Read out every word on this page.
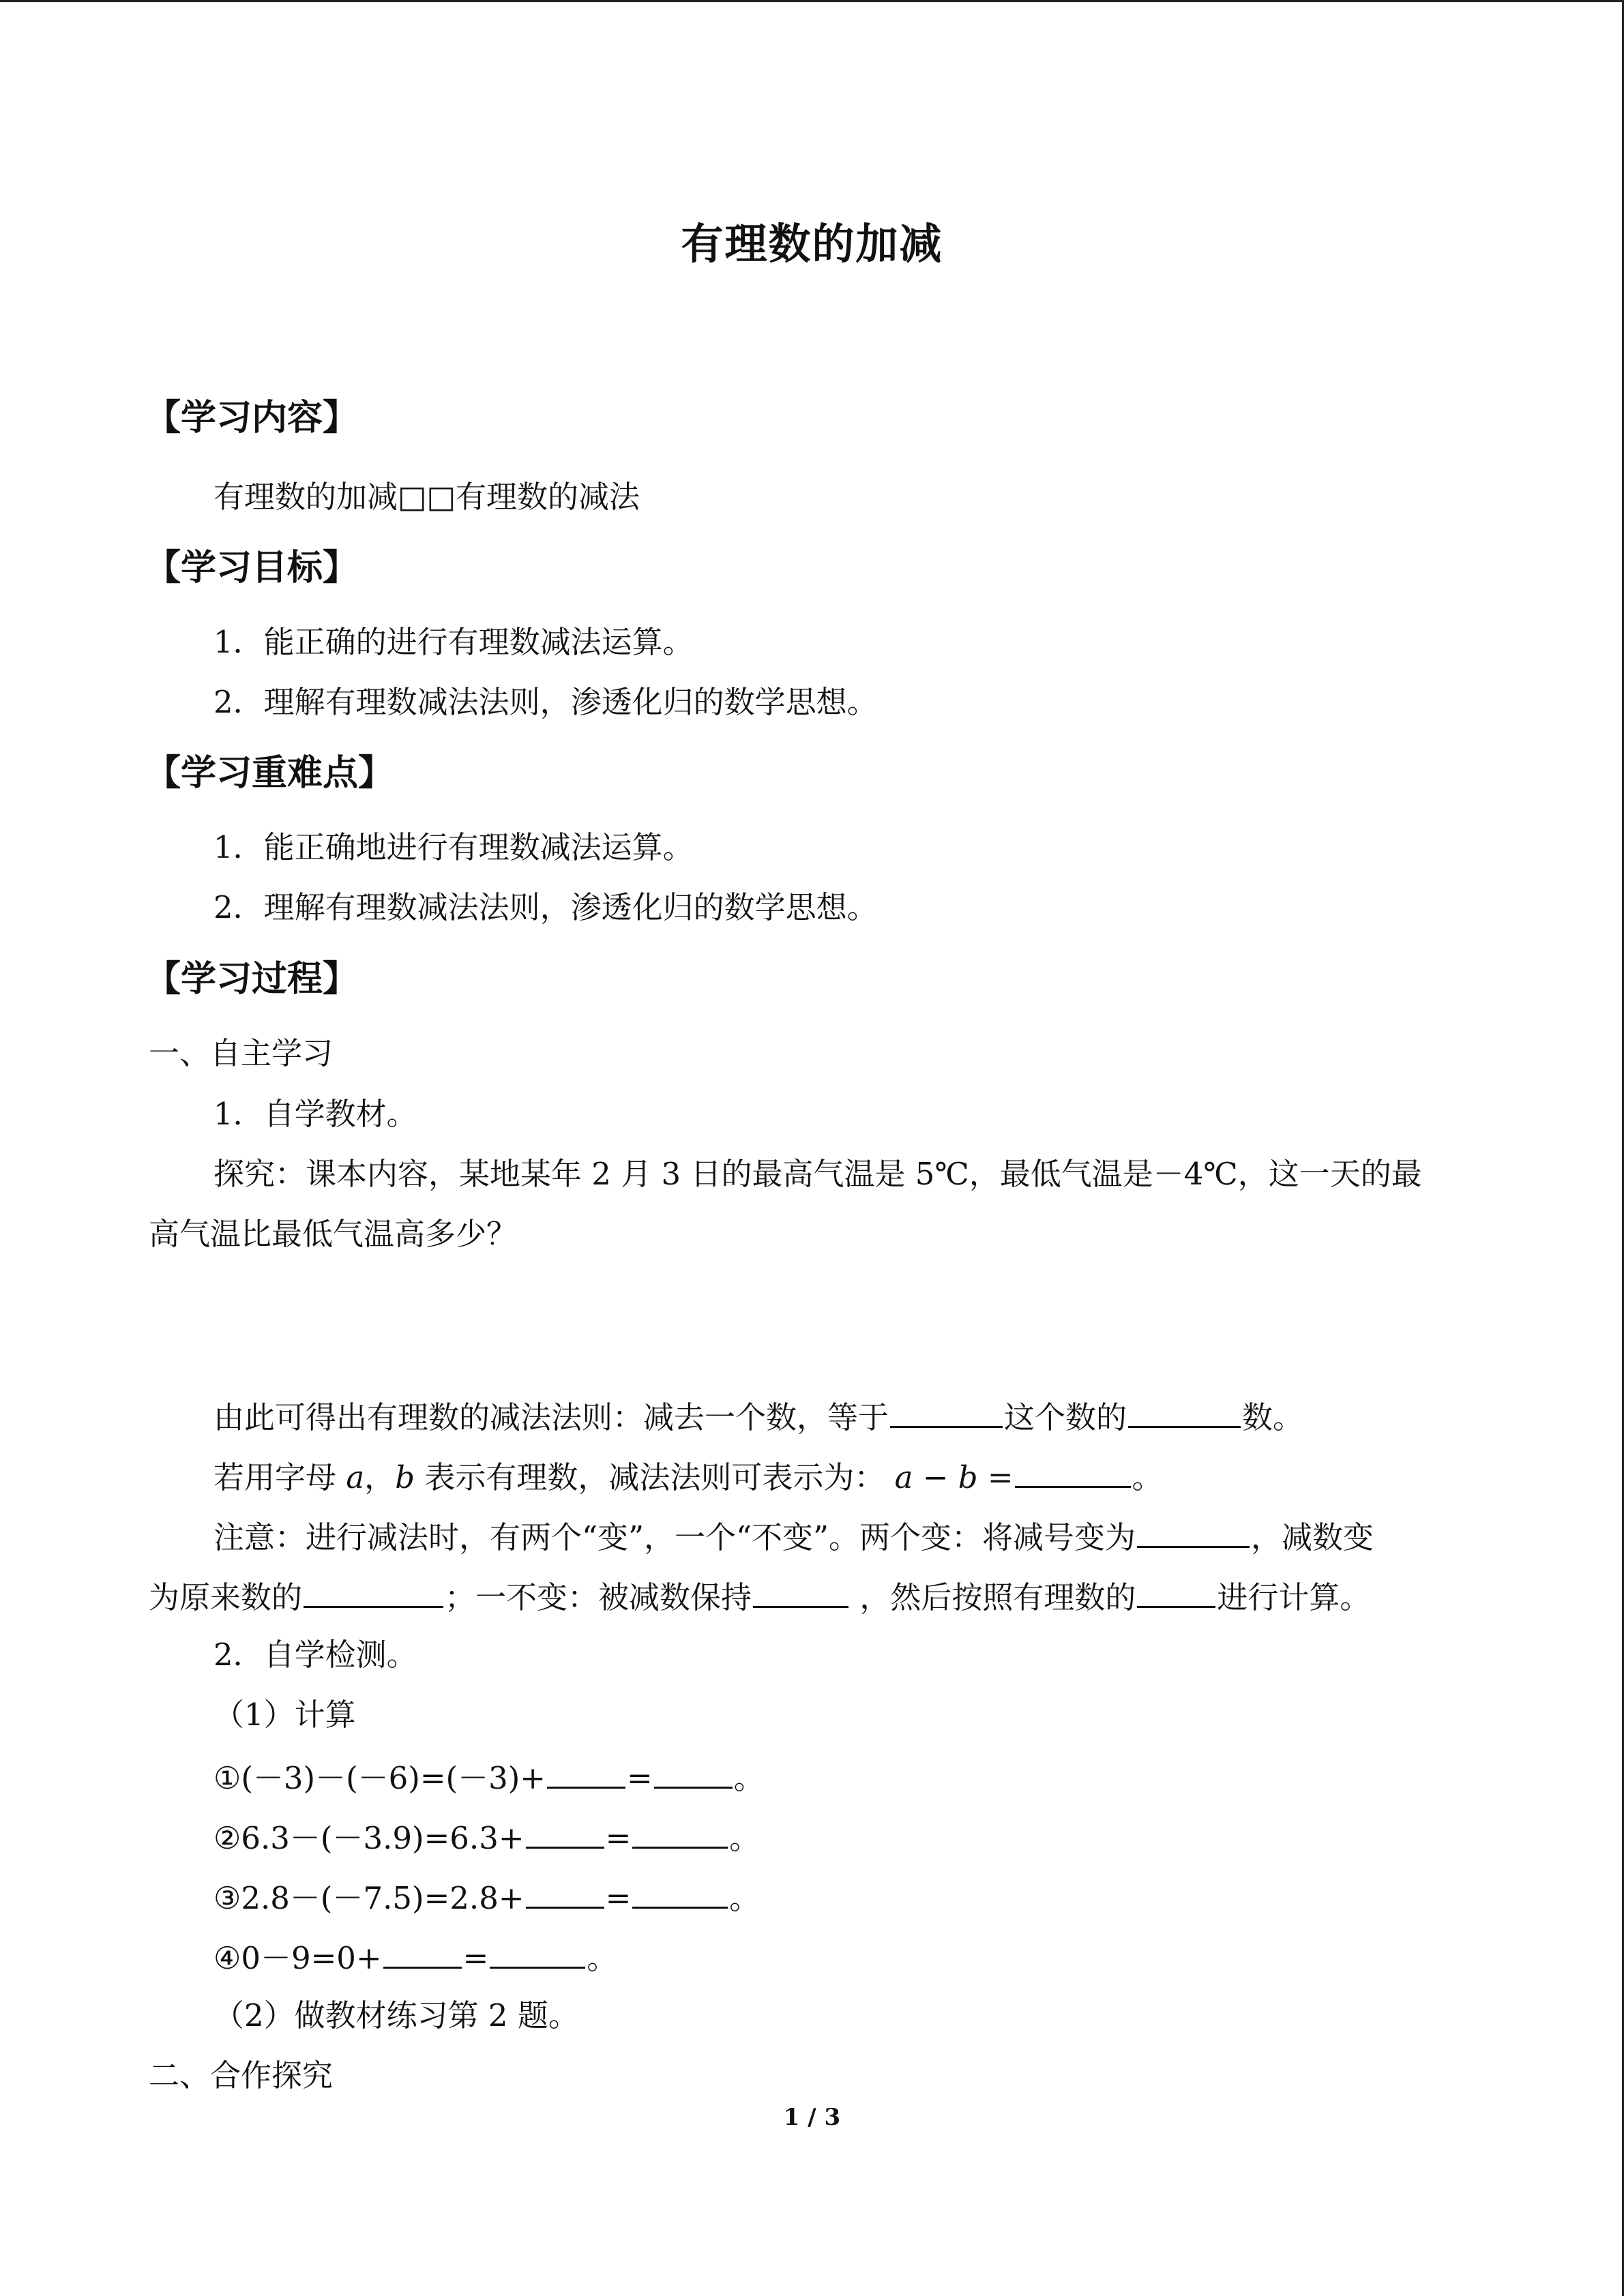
有理数的加减
【学习内容】
有理数的加减□□有理数的减法
【学习目标】
1．能正确的进行有理数减法运算。
2．理解有理数减法法则，渗透化归的数学思想。
【学习重难点】
1．能正确地进行有理数减法运算。
2．理解有理数减法法则，渗透化归的数学思想。
【学习过程】
一、自主学习
1．自学教材。
探究：课本内容，某地某年 2 月 3 日的最高气温是 5℃，最低气温是－4℃，这一天的最
高气温比最低气温高多少？
由此可得出有理数的减法法则：减去一个数，等于	这个数的	数。
若用字母 a，b 表示有理数，减法法则可表示为： a − b =	。
注意：进行减法时，有两个“变”，一个“不变”。两个变：将减号变为	，减数变
为原来数的	；一不变：被减数保持	，然后按照有理数的	进行计算。
2．自学检测。
（1）计算
①(－3)－(－6)=(－3)+	=	。
②6.3－(－3.9)=6.3+	=	。
③2.8－(－7.5)=2.8+	=	。
④0－9=0+	=	。
（2）做教材练习第 2 题。
二、合作探究
1 / 3
